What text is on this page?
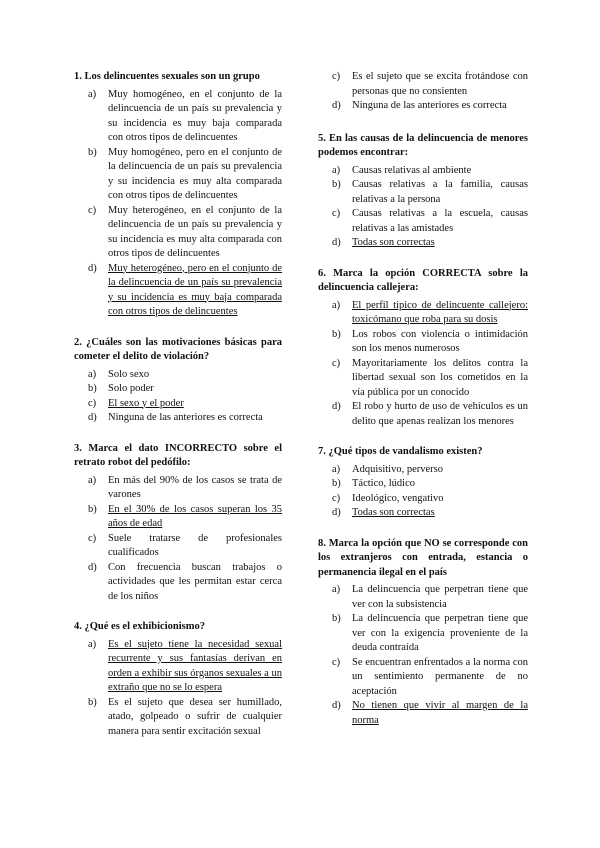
1. Los delincuentes sexuales son un grupo

a)	Muy homogéneo, en el conjunto de la delincuencia de un país su prevalencia y su incidencia es muy baja comparada con otros tipos de delincuentes
b)	Muy homogéneo, pero en el conjunto de la delincuencia de un país su prevalencia y su incidencia es muy alta comparada con otros tipos de delincuentes
c)	Muy heterogéneo, en el conjunto de la delincuencia de un país su prevalencia y su incidencia es muy alta comparada con otros tipos de delincuentes
d)	Muy heterogéneo, pero en el conjunto de la delincuencia de un país su prevalencia y su incidencia es muy baja comparada con otros tipos de delincuentes

2. ¿Cuáles son las motivaciones básicas para cometer el delito de violación?

a)	Solo sexo
b)	Solo poder
c)	El sexo y el poder
d)	Ninguna de las anteriores es correcta

3. Marca el dato INCORRECTO sobre el retrato robot del pedófilo:

a)	En más del 90% de los casos se trata de varones
b)	En el 30% de los casos superan los 35 años de edad
c)	Suele tratarse de profesionales cualificados
d)	Con frecuencia buscan trabajos o actividades que les permitan estar cerca de los niños

4. ¿Qué es el exhibicionismo?

a)	Es el sujeto tiene la necesidad sexual recurrente y sus fantasías derivan en orden a exhibir sus órganos sexuales a un extraño que no se lo espera
b)	Es el sujeto que desea ser humillado, atado, golpeado o sufrir de cualquier manera para sentir excitación sexual
c)	Es el sujeto que se excita frotándose con personas que no consienten
d)	Ninguna de las anteriores es correcta

5. En las causas de la delincuencia de menores podemos encontrar:

a)	Causas relativas al ambiente
b)	Causas relativas a la familia, causas relativas a la persona
c)	Causas relativas a la escuela, causas relativas a las amistades
d)	Todas son correctas

6. Marca la opción CORRECTA sobre la delincuencia callejera:

a)	El perfil típico de delincuente callejero: toxicómano que roba para su dosis
b)	Los robos con violencia o intimidación son los menos numerosos
c)	Mayoritariamente los delitos contra la libertad sexual son los cometidos en la vía pública por un conocido
d)	El robo y hurto de uso de vehículos es un delito que apenas realizan los menores

7. ¿Qué tipos de vandalismo existen?

a)	Adquisitivo, perverso
b)	Táctico, lúdico
c)	Ideológico, vengativo
d)	Todas son correctas

8. Marca la opción que NO se corresponde con los extranjeros con entrada, estancia o permanencia ilegal en el país

a)	La delincuencia que perpetran tiene que ver con la subsistencia
b)	La delincuencia que perpetran tiene que ver con la exigencia proveniente de la deuda contraída
c)	Se encuentran enfrentados a la norma con un sentimiento permanente de no aceptación
d)	No tienen que vivir al margen de la norma
